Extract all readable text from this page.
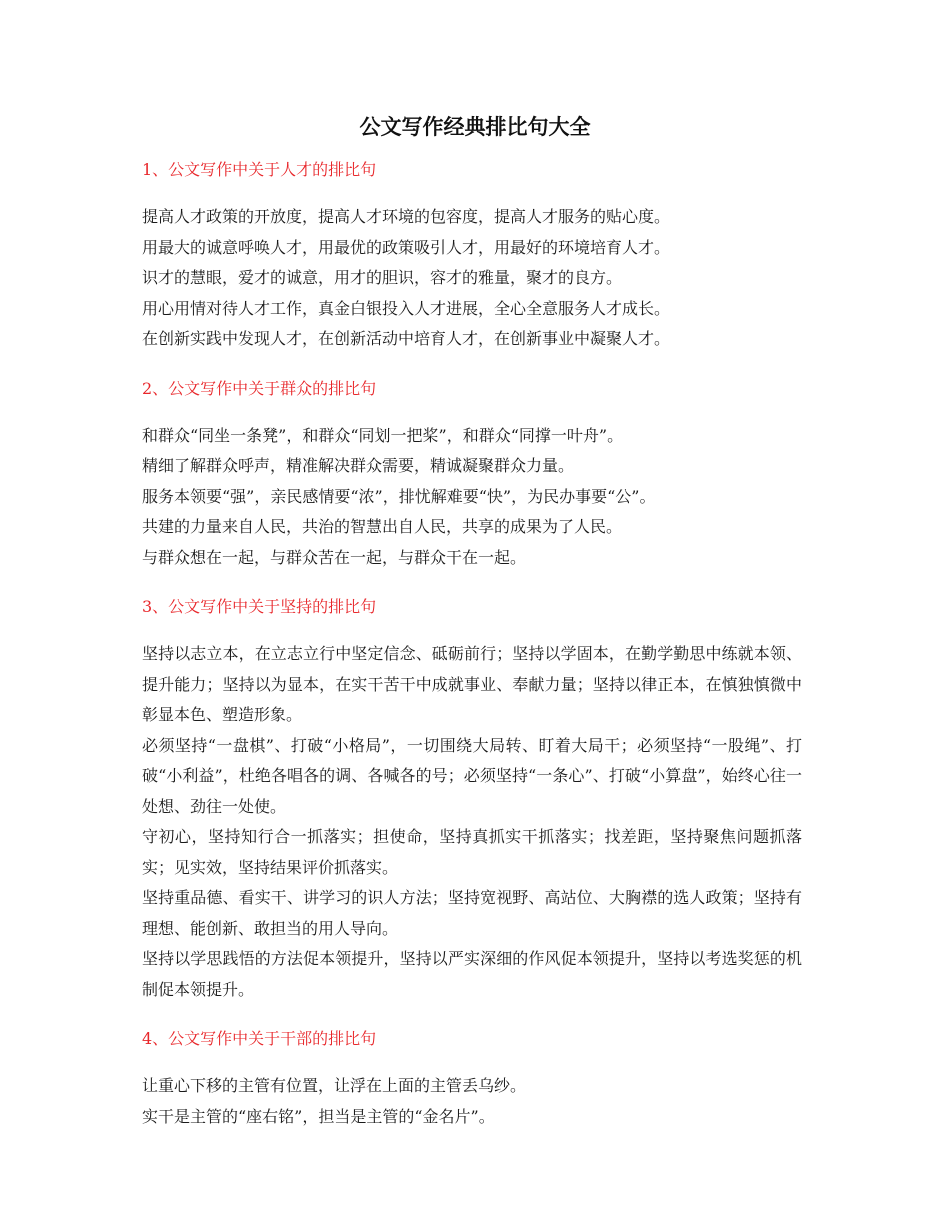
公文写作经典排比句大全
1、公文写作中关于人才的排比句

提高人才政策的开放度，提高人才环境的包容度，提高人才服务的贴心度。

用最大的诚意呼唤人才，用最优的政策吸引人才，用最好的环境培育人才。

识才的慧眼，爱才的诚意，用才的胆识，容才的雅量，聚才的良方。

用心用情对待人才工作，真金白银投入人才进展，全心全意服务人才成长。

在创新实践中发现人才，在创新活动中培育人才，在创新事业中凝聚人才。

2、公文写作中关于群众的排比句

和群众“同坐一条凳”，和群众“同划一把桨”，和群众“同撑一叶舟”。

精细了解群众呼声，精准解决群众需要，精诚凝聚群众力量。

服务本领要“强”，亲民感情要“浓”，排忧解难要“快”，为民办事要“公”。

共建的力量来自人民，共治的智慧出自人民，共享的成果为了人民。

与群众想在一起，与群众苦在一起，与群众干在一起。

3、公文写作中关于坚持的排比句

坚持以志立本，在立志立行中坚定信念、砥砺前行；坚持以学固本，在勤学勤思中练就本领、提升能力；坚持以为显本，在实干苦干中成就事业、奉献力量；坚持以律正本，在慎独慎微中彰显本色、塑造形象。

必须坚持“一盘棋”、打破“小格局”，一切围绕大局转、盯着大局干；必须坚持“一股绳”、打破“小利益”，杜绝各唱各的调、各喊各的号；必须坚持“一条心”、打破“小算盘”，始终心往一处想、劲往一处使。

守初心，坚持知行合一抓落实；担使命，坚持真抓实干抓落实；找差距，坚持聚焦问题抓落实；见实效，坚持结果评价抓落实。

坚持重品德、看实干、讲学习的识人方法；坚持宽视野、高站位、大胸襟的选人政策；坚持有理想、能创新、敢担当的用人导向。

坚持以学思践悟的方法促本领提升，坚持以严实深细的作风促本领提升，坚持以考选奖惩的机制促本领提升。

4、公文写作中关于干部的排比句

让重心下移的主管有位置，让浮在上面的主管丢乌纱。

实干是主管的“座右铭”，担当是主管的“金名片”。
